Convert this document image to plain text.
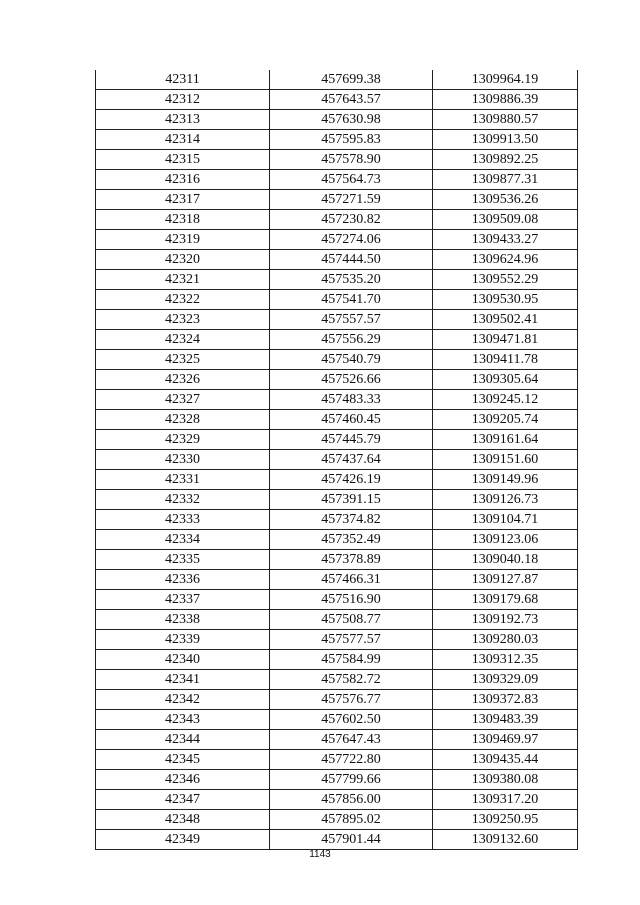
42311	457699.38	1309964.19
42312	457643.57	1309886.39
42313	457630.98	1309880.57
42314	457595.83	1309913.50
42315	457578.90	1309892.25
42316	457564.73	1309877.31
42317	457271.59	1309536.26
42318	457230.82	1309509.08
42319	457274.06	1309433.27
42320	457444.50	1309624.96
42321	457535.20	1309552.29
42322	457541.70	1309530.95
42323	457557.57	1309502.41
42324	457556.29	1309471.81
42325	457540.79	1309411.78
42326	457526.66	1309305.64
42327	457483.33	1309245.12
42328	457460.45	1309205.74
42329	457445.79	1309161.64
42330	457437.64	1309151.60
42331	457426.19	1309149.96
42332	457391.15	1309126.73
42333	457374.82	1309104.71
42334	457352.49	1309123.06
42335	457378.89	1309040.18
42336	457466.31	1309127.87
42337	457516.90	1309179.68
42338	457508.77	1309192.73
42339	457577.57	1309280.03
42340	457584.99	1309312.35
42341	457582.72	1309329.09
42342	457576.77	1309372.83
42343	457602.50	1309483.39
42344	457647.43	1309469.97
42345	457722.80	1309435.44
42346	457799.66	1309380.08
42347	457856.00	1309317.20
42348	457895.02	1309250.95
42349	457901.44	1309132.60
1143
